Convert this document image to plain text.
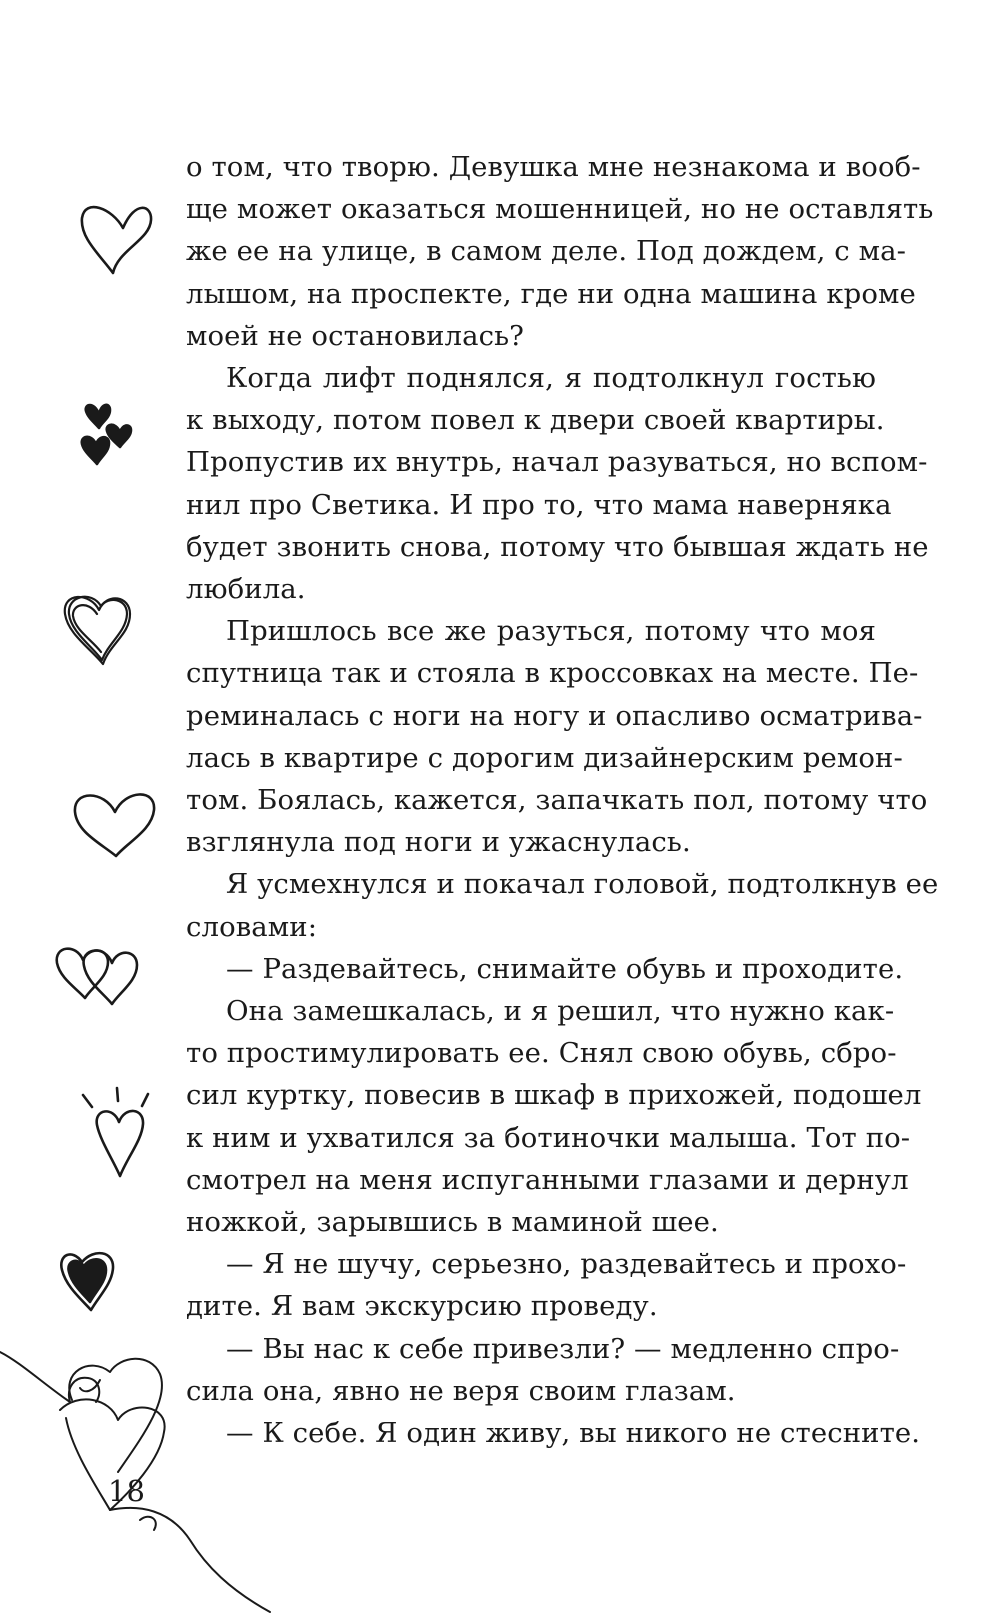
о том, что творю. Девушка мне незнакома и вооб-
ще может оказаться мошенницей, но не оставлять
же ее на улице, в самом деле. Под дождем, с ма-
лышом, на проспекте, где ни одна машина кроме
моей не остановилась?

Когда лифт поднялся, я подтолкнул гостью
к выходу, потом повел к двери своей квартиры.
Пропустив их внутрь, начал разуваться, но вспом-
нил про Светика. И про то, что мама наверняка
будет звонить снова, потому что бывшая ждать не
любила.

Пришлось все же разуться, потому что моя
спутница так и стояла в кроссовках на месте. Пе-
реминалась с ноги на ногу и опасливо осматрива-
лась в квартире с дорогим дизайнерским ремон-
том. Боялась, кажется, запачкать пол, потому что
взглянула под ноги и ужаснулась.

Я усмехнулся и покачал головой, подтолкнув ее
словами:

— Раздевайтесь, снимайте обувь и проходите.

Она замешкалась, и я решил, что нужно как-
то простимулировать ее. Снял свою обувь, сбро-
сил куртку, повесив в шкаф в прихожей, подошел
к ним и ухватился за ботиночки малыша. Тот по-
смотрел на меня испуганными глазами и дернул
ножкой, зарывшись в маминой шее.

— Я не шучу, серьезно, раздевайтесь и прохо-
дите. Я вам экскурсию проведу.

— Вы нас к себе привезли? — медленно спро-
сила она, явно не веря своим глазам.

— К себе. Я один живу, вы никого не стесните.

18
